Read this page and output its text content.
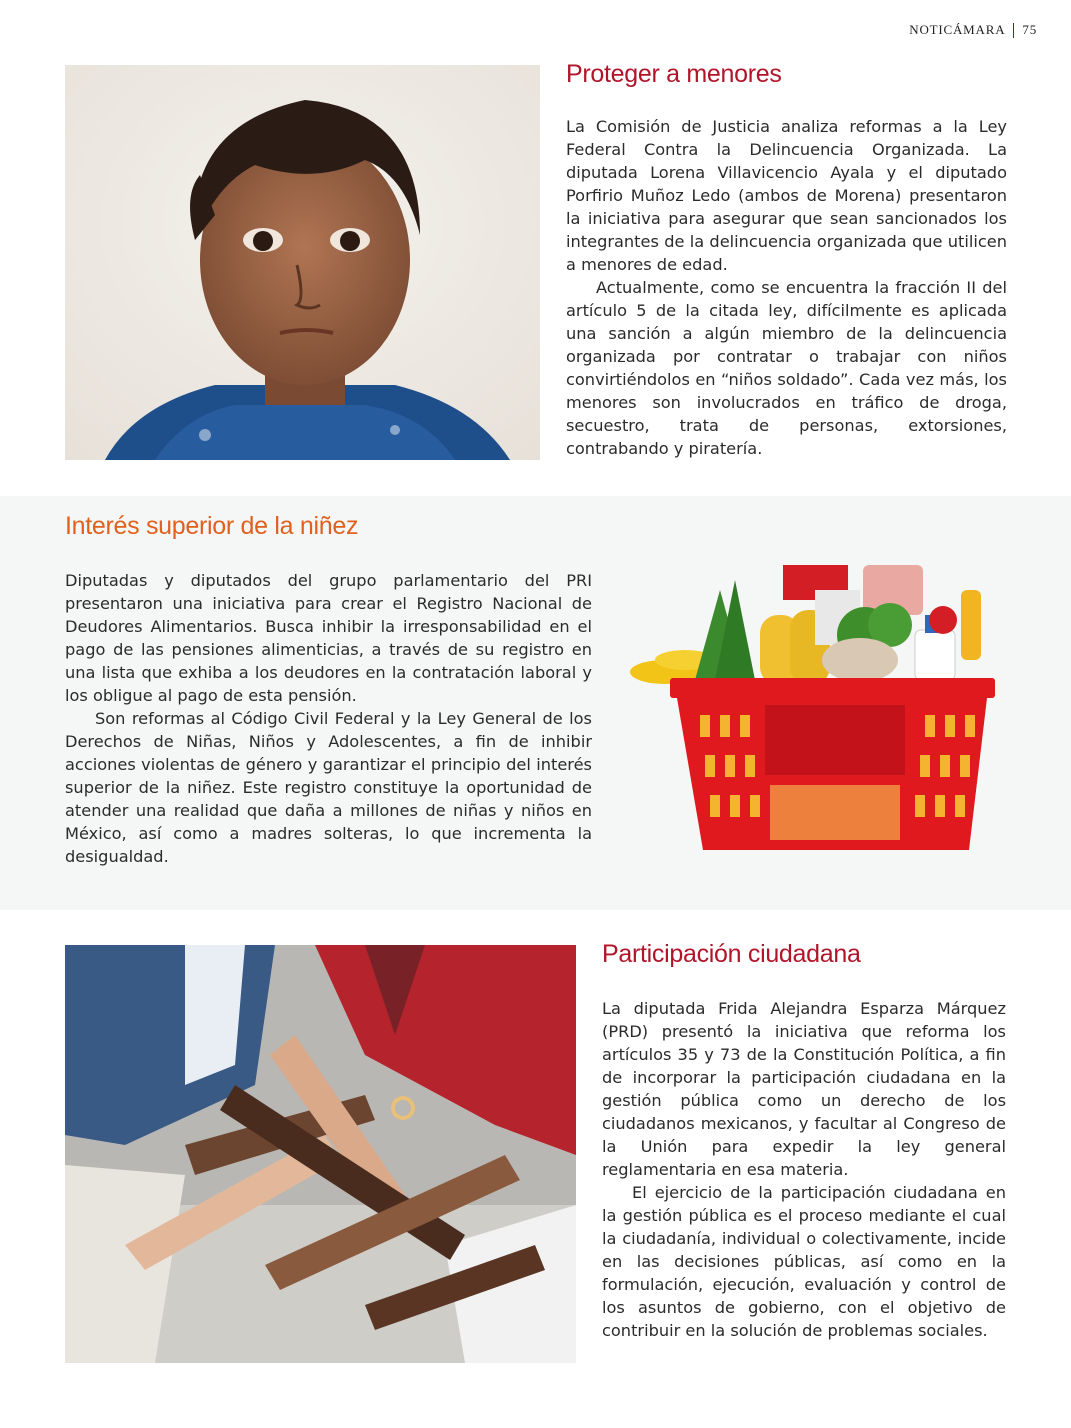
NOTICÁMARA 75
Proteger a menores

La Comisión de Justicia analiza reformas a la Ley Federal Contra la Delincuencia Organizada. La diputada Lorena Villavicencio Ayala y el diputado Porfirio Muñoz Ledo (ambos de Morena) presentaron la iniciativa para asegurar que sean sancionados los integrantes de la delincuencia organizada que utilicen a menores de edad.

Actualmente, como se encuentra la fracción II del artículo 5 de la citada ley, difícilmente es aplicada una sanción a algún miembro de la delincuencia organizada por contratar o trabajar con niños convirtiéndolos en “niños soldado”. Cada vez más, los menores son involucrados en tráfico de droga, secuestro, trata de personas, extorsiones, contrabando y piratería.

Interés superior de la niñez

Diputadas y diputados del grupo parlamentario del PRI presentaron una iniciativa para crear el Registro Nacional de Deudores Alimentarios. Busca inhibir la irresponsabilidad en el pago de las pensiones alimenticias, a través de su registro en una lista que exhiba a los deudores en la contratación laboral y los obligue al pago de esta pensión.

Son reformas al Código Civil Federal y la Ley General de los Derechos de Niñas, Niños y Adolescentes, a fin de inhibir acciones violentas de género y garantizar el principio del interés superior de la niñez. Este registro constituye la oportunidad de atender una realidad que daña a millones de niñas y niños en México, así como a madres solteras, lo que incrementa la desigualdad.

Participación ciudadana

La diputada Frida Alejandra Esparza Márquez (PRD) presentó la iniciativa que reforma los artículos 35 y 73 de la Constitución Política, a fin de incorporar la participación ciudadana en la gestión pública como un derecho de los ciudadanos mexicanos, y facultar al Congreso de la Unión para expedir la ley general reglamentaria en esa materia.

El ejercicio de la participación ciudadana en la gestión pública es el proceso mediante el cual la ciudadanía, individual o colectivamente, incide en las decisiones públicas, así como en la formulación, ejecución, evaluación y control de los asuntos de gobierno, con el objetivo de contribuir en la solución de problemas sociales.
